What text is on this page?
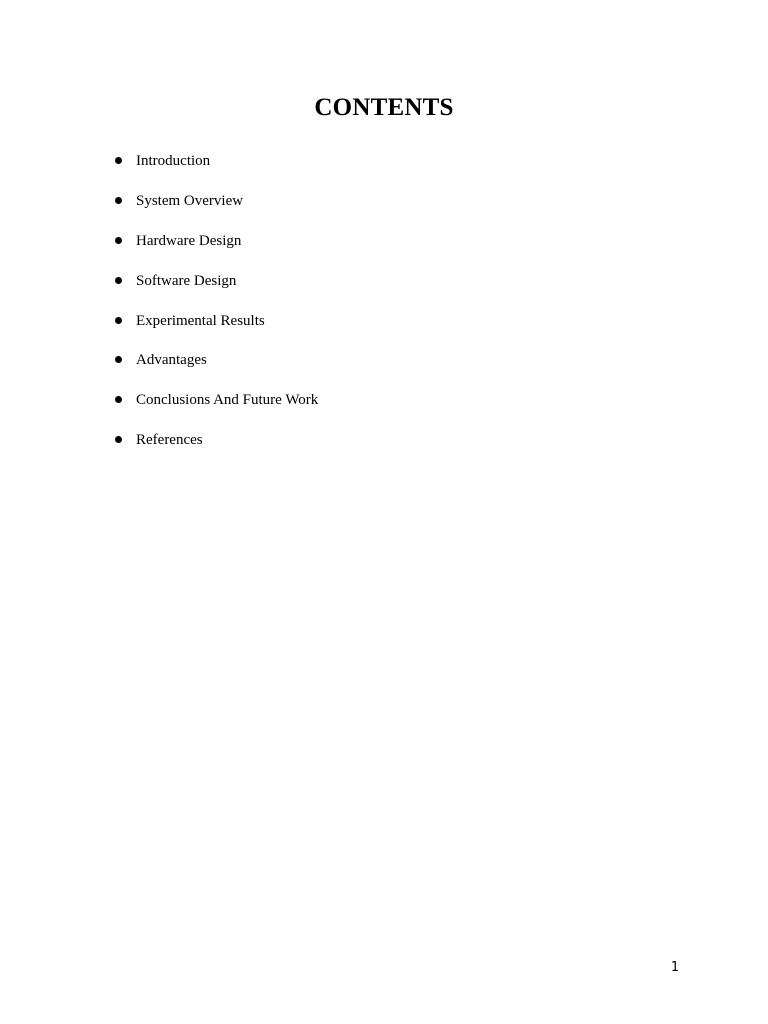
CONTENTS
Introduction
System Overview
Hardware Design
Software Design
Experimental Results
Advantages
Conclusions And Future Work
References
1
